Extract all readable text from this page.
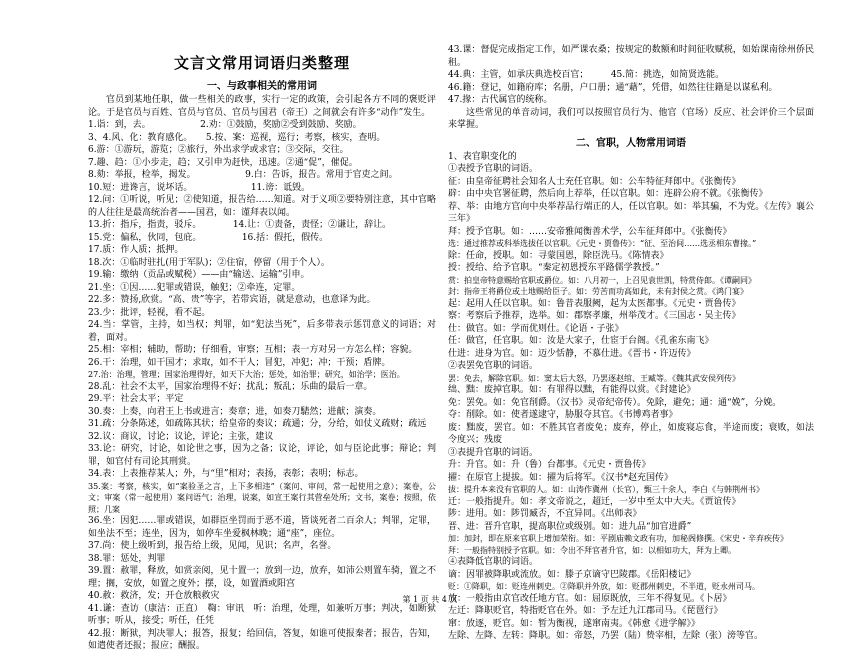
文言文常用词语归类整理
一、与政事相关的常用词

官员到某地任职，做一些相关的政事，实行一定的政策，会引起各方不同的褒贬评论。于是官员与百姓、官员与官员、官员与国君（帝王）之间就会有许多“动作”发生。

1.诣：到，去。　　　　　　2.劝：①鼓励，奖励②受到鼓励、奖励。

3、4.风、化：教育感化。　　5.按、案：巡视，巡行；考察，核实，查明。

6.游：①游玩，游览；②旅行，外出求学或求官；③交际，交往。

7.趣、趋：①小步走，趋；又引申为赶快，迅速。②通“促”，催促。

8.劾：举报，检举，揭发。　　　　　　9.白：告诉，报告。常用于官吏之间。

10.短：进谗言，说坏话。　　　　　　　11.谤：诋毁。

12.问：①听说，听见；②使知道，报告给……知道。对于义项②要特别注意，其中官略的人往往是最高统治者——国君，如：谨拜表以闻。

13.折：指斥，指责，驳斥。　　　　14.让：①责备，责怪；②谦让，辞让。

15.党：偏私，伙同，包庇。　　　　　16.括：假托，假传。

17.质：作人质；抵押。

18.次：①临时驻扎(用于军队)；②住宿，停留（用于个人）。

19.输：缴纳（贡品或赋税）——由“输送、运输”引申。

21.坐：①因……犯罪或错误，触犯；②牵连，定罪。

22.多：赞扬,欣赏。“高、贵”等字，若带宾语，就是意动，也意译为此。

23.少：批评，轻视，看不起。

24.当：掌管，主持，如当权；判罪，如“犯法当死”，后多带表示惩罚意义的词语；对着，面对。

25.相：宰相；辅助，帮助；仔细看，审察；互相；表一方对另一方怎么样；容貌。

26.干：治理，如干国才；求取，如不干人；冒犯，冲犯；冲；干预；盾牌。

27.治：治理，管理；国家治理得好，如天下大治；惩处，如治罪；研究，如治学；医治。

28.乱：社会不太平，国家治理得不好；扰乱；叛乱；乐曲的最后一章。

29.平：社会太平；平定

30.奏：上奏，向君王上书或进言；奏章；进，如奏刀騞然；进献；演奏。

31.疏：分条陈述，如疏陈其状；给皇帝的奏议；疏通；分，分给，如仗义疏财；疏远

32.议：商议，讨论；议论，评论；主张，建议

33.论：研究，讨论，如论世之事，因为之备；议论，评论，如与臣论此事；辩论；判罪，如官付有司论其刑赏。

34.表：上表推荐某人；外，与“里”相对；表扬，表彰；表明；标志。

35.案：考察，核实，如“案验圣之言，上下多相违”（案问、审问，常一起使用之意）；案卷，公文；审案（常一起使用）案问语气；治理，说案，如宣王案行其营垒处所；文书，案卷；按照，依照；几案

36.坐：因犯……罪或错误，如群臣坐罚而于恶不道，皆谈死者二百余人；判罪，定罪，如坐法不至；连坐，因为，如停车坐爱枫林晚；通“座”，座位。

37.尚：使上级听到，报告给上级，见闻，见识；名声，名誉。

38.罪：惩处，判罪

39.置：赦罪，释放，如赏亲阅，见十置一；放到一边，放弃，如沛公则置车骑，置之不理；搁，安放，如置之度外；摆，设，如置酒或阳宫

40.赦：救济，发；开仓放粮救灾

41.谦：查访（康洁：正直）　鞫：审讯　听：治理，处理，如兼听万事；判决，如断狱听事；听从，接受；听任，任凭

42.报：断狱，判决罪人；报答，报复；给回信，答复，如谁可使报秦者；报告，告知，如遣使者还报；报应；酬报。

43.课：督促完成指定工作，如严课农桑；按规定的数额和时间征收赋税，如始课南徐州侨民租。

44.典：主管，如承庆典选校百官；　　　45.简：挑选，如简贤选能。

46.籍：登记，如籍府库；名册，户口册；通“藉”，凭借，如然往往籍是以谋私利。

47.掾：古代属官的统称。

这些常见的单音动词，我们可以按照官员行为、他官（官场）反应、社会评价三个层面来掌握。

二、官职，人物常用词语

1、表官职变化的

①表授予官职的词语。

征：由皇帝征聘社会知名人士充任官职。如：公车特征拜郎中。《张衡传》

辟：由中央官署征聘，然后向上荐举，任以官职。如：连辟公府不就。《张衡传》

荐、举：由地方官向中央举荐品行端正的人，任以官职。如：举其骗，不为党。《左传》襄公三年》

拜：授予官职。如：……安帝雅闻衡善术学，公车征拜郎中。《张衡传》

选：通过推荐或科举选拔任以官职。《元史・贾鲁传》：“征、至治间……选丞相东曹掾。”

除：任命，授职。如：寻蒙国恩，除臣洗马。《陈情表》

授：授给、给予官职。“秦定初恩授东平路儒学教授。”

赏：拍皇帝特意赐给官职或爵位。如：八月初一，上召见袁世凯，特赏侍郎。《谭嗣同》

封：指帝王将爵位或土地赐给臣子。如：劳苦而功高如此，未有封侯之赏。《鸿门宴》

起：起用人任以官职。如：鲁昔表服阙，起为太医都事。《元史・贾鲁传》

察：考察后予推荐，选举。如：郡察孝廉，州举茂才。《三国志・吴主传》

仕：做官。如：学而优则仕。《论语・子张》

任：做官，任官职。如：汝是大家子，仕宦于台阁。《孔雀东南飞》

仕进：进身为官。如：迈少恬静，不慕仕进。《晋书・许迈传》

②表罢免官职的词语。

罢：免去，解除官职。如：窦太后大怒，乃罢逐赵绾、王臧等。《魏其武安侯列传》

绌、黜：废掉官职。如：有罪得以黜，有能得以赏。《封建论》

免：罢免。如：免官削爵。（汉书》灵帝纪帝传）。免除，避免；通：通“娩”，分娩。

夺：削除。如：使者遂逮守，胁服夺其官。《书博鸡者事》

废：黜废，罢官。如：不胜其官者废免；废弃，停止，如废寝忘食，半途而废；衰败，如法令度兴；残废

③表提升官职的词语。

升：升官。如：升（鲁）台都事。《元史・贾鲁传》

擢：在原官上提拔。如：擢为后将军。《汉书*赵充国传》

拔：提升本来没有官职的人。如：山涛作冀州（长官），甄三十余人，李白《与韩荆州书》

迁：一般指提升。如：孝文帝说之，超迁，一岁中至太中大夫。《贾谊传》

陟：进用。如：陟罚臧否，不宜异同。《出师表》

晋、进：晋升官职，提高职位或级别。如：进九品“加官进爵”

加：加封，即在原来官职上增加荣衔。如：平剧庙赖文政有功，加秘阁修撰。《宋史・辛弃疾传》

拜：一般指特别授予官职。如：令出不拜官者升官，如：以相如功大，拜为上卿。

④表降低官职的词语。

谪：因罪被降职或流放。如：滕子京谪守巴陵郡。《岳阳楼记》

贬：①降职，如：贬连州刺史。②降职并外放，如：贬郡州刺史，不半道，贬永州司马。

放：一般指由京官改任地方官。如：屈原既放，三年不得复见。《卜居》

左迁：降职贬官，特指贬官在外。如：予左迁九江郡司马。《琵琶行》

窜：放逐，贬官。如：暂为衡视，遂窜南夷。《韩愈《进学解》》

左除、左降、左转：降职。如：帝怒，乃罢（陆）贽宰相，左除（张）滂等官。

第 1 页 共 4 页
